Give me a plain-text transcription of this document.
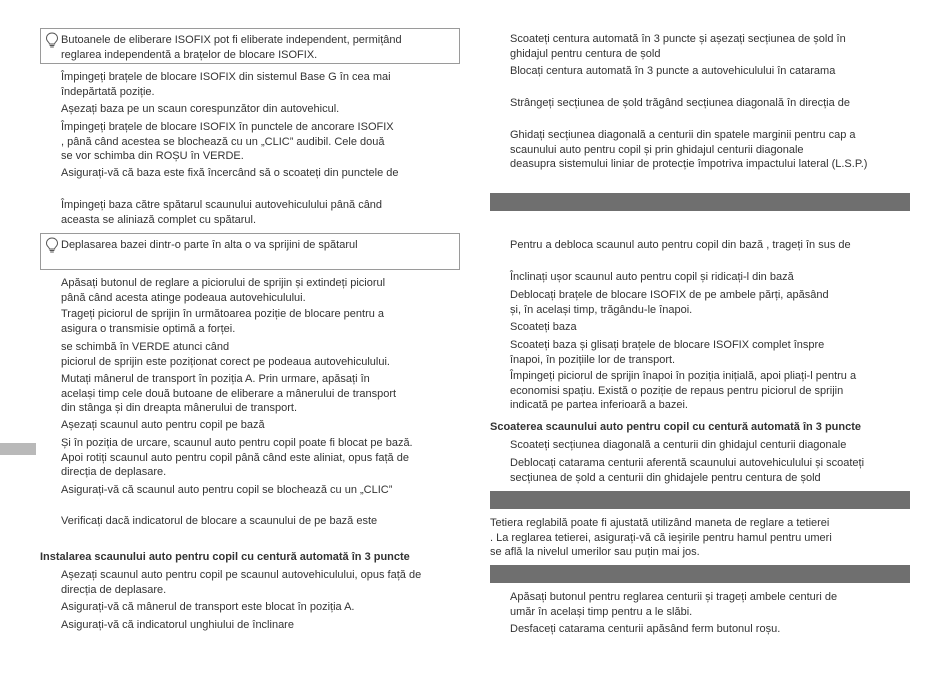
Butoanele de eliberare ISOFIX pot fi eliberate independent, permițând
reglarea independentă a brațelor de blocare ISOFIX.
Împingeți brațele de blocare ISOFIX din sistemul Base G în cea mai
îndepărtată poziție.
Așezați baza pe un scaun corespunzător din autovehicul.
Împingeți brațele de blocare ISOFIX în punctele de ancorare ISOFIX
, până când acestea se blochează cu un „CLIC” audibil. Cele două
se vor schimba din ROȘU în VERDE.
Asigurați-vă că baza este fixă încercând să o scoateți din punctele de
Împingeți baza către spătarul scaunului autovehiculului până când
aceasta se aliniază complet cu spătarul.
Deplasarea bazei dintr-o parte în alta o va sprijini de spătarul
Apăsați butonul de reglare a piciorului de sprijin și extindeți piciorul
până când acesta atinge podeaua autovehiculului.
Trageți piciorul de sprijin în următoarea poziție de blocare pentru a
asigura o transmisie optimă a forței.
se schimbă în VERDE atunci când
piciorul de sprijin este poziționat corect pe podeaua autovehiculului.
Mutați mânerul de transport în poziția A. Prin urmare, apăsați în
același timp cele două butoane de eliberare a mânerului de transport
din stânga și din dreapta mânerului de transport.
Așezați scaunul auto pentru copil pe bază
Și în poziția de urcare, scaunul auto pentru copil poate fi blocat pe bază.
Apoi rotiți scaunul auto pentru copil până când este aliniat, opus față de
direcția de deplasare.
Asigurați-vă că scaunul auto pentru copil se blochează cu un „CLIC”
Verificați dacă indicatorul de blocare a scaunului de pe bază este
Instalarea scaunului auto pentru copil cu centură automată în 3 puncte
Așezați scaunul auto pentru copil pe scaunul autovehiculului, opus față de
direcția de deplasare.
Asigurați-vă că mânerul de transport este blocat în poziția A.
Asigurați-vă că indicatorul unghiului de înclinare
Scoateți centura automată în 3 puncte și așezați secțiunea de șold în
ghidajul pentru centura de șold
Blocați centura automată în 3 puncte a autovehiculului în catarama
Strângeți secțiunea de șold trăgând secțiunea diagonală în direcția de
Ghidați secțiunea diagonală a centurii din spatele marginii pentru cap a
scaunului auto pentru copil și prin ghidajul centurii diagonale
deasupra sistemului liniar de protecție împotriva impactului lateral (L.S.P.)
Pentru a debloca scaunul auto pentru copil din bază , trageți în sus de
Înclinați ușor scaunul auto pentru copil și ridicați-l din bază
Deblocați brațele de blocare ISOFIX de pe ambele părți, apăsând
și, în același timp, trăgându-le înapoi.
Scoateți baza
Scoateți baza și glisați brațele de blocare ISOFIX complet înspre
înapoi, în pozițiile lor de transport.
Împingeți piciorul de sprijin înapoi în poziția inițială, apoi pliați-l pentru a
economisi spațiu. Există o poziție de repaus pentru piciorul de sprijin
indicată pe partea inferioară a bazei.
Scoaterea scaunului auto pentru copil cu centură automată în 3 puncte
Scoateți secțiunea diagonală a centurii din ghidajul centurii diagonale
Deblocați catarama centurii aferentă scaunului autovehiculului și scoateți
secțiunea de șold a centurii din ghidajele pentru centura de șold
Tetiera reglabilă poate fi ajustată utilizând maneta de reglare a tetierei
. La reglarea tetierei, asigurați-vă că ieșirile pentru hamul pentru umeri
se află la nivelul umerilor sau puțin mai jos.
Apăsați butonul pentru reglarea centurii și trageți ambele centuri de
umăr în același timp pentru a le slăbi.
Desfaceți catarama centurii apăsând ferm butonul roșu.
